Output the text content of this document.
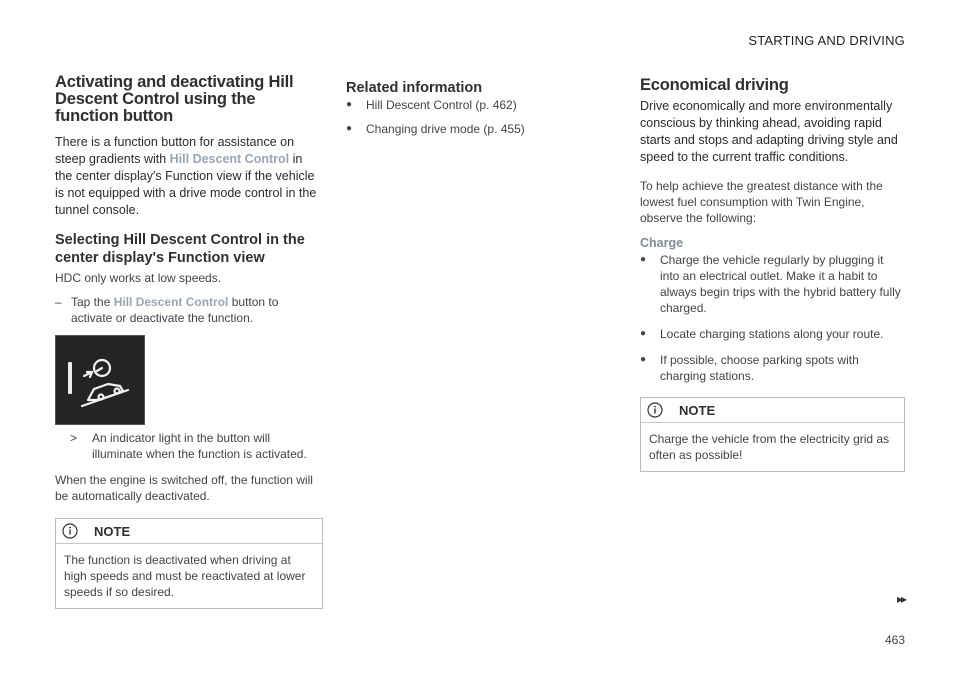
STARTING AND DRIVING
Activating and deactivating Hill Descent Control using the function button

There is a function button for assistance on steep gradients with Hill Descent Control in the center display's Function view if the vehicle is not equipped with a drive mode control in the tunnel console.

Selecting Hill Descent Control in the center display's Function view

HDC only works at low speeds.

– Tap the Hill Descent Control button to activate or deactivate the function.
>	An indicator light in the button will illuminate when the function is activated.

When the engine is switched off, the function will be automatically deactivated.

NOTE
The function is deactivated when driving at high speeds and must be reactivated at lower speeds if so desired.
Related information
●	Hill Descent Control (p. 462)
●	Changing drive mode (p. 455)
Economical driving

Drive economically and more environmentally conscious by thinking ahead, avoiding rapid starts and stops and adapting driving style and speed to the current traffic conditions.

To help achieve the greatest distance with the lowest fuel consumption with Twin Engine, observe the following:

Charge

●	Charge the vehicle regularly by plugging it into an electrical outlet. Make it a habit to always begin trips with the hybrid battery fully charged.
●	Locate charging stations along your route.
●	If possible, choose parking spots with charging stations.
NOTE
Charge the vehicle from the electricity grid as often as possible!
▸▸
463
